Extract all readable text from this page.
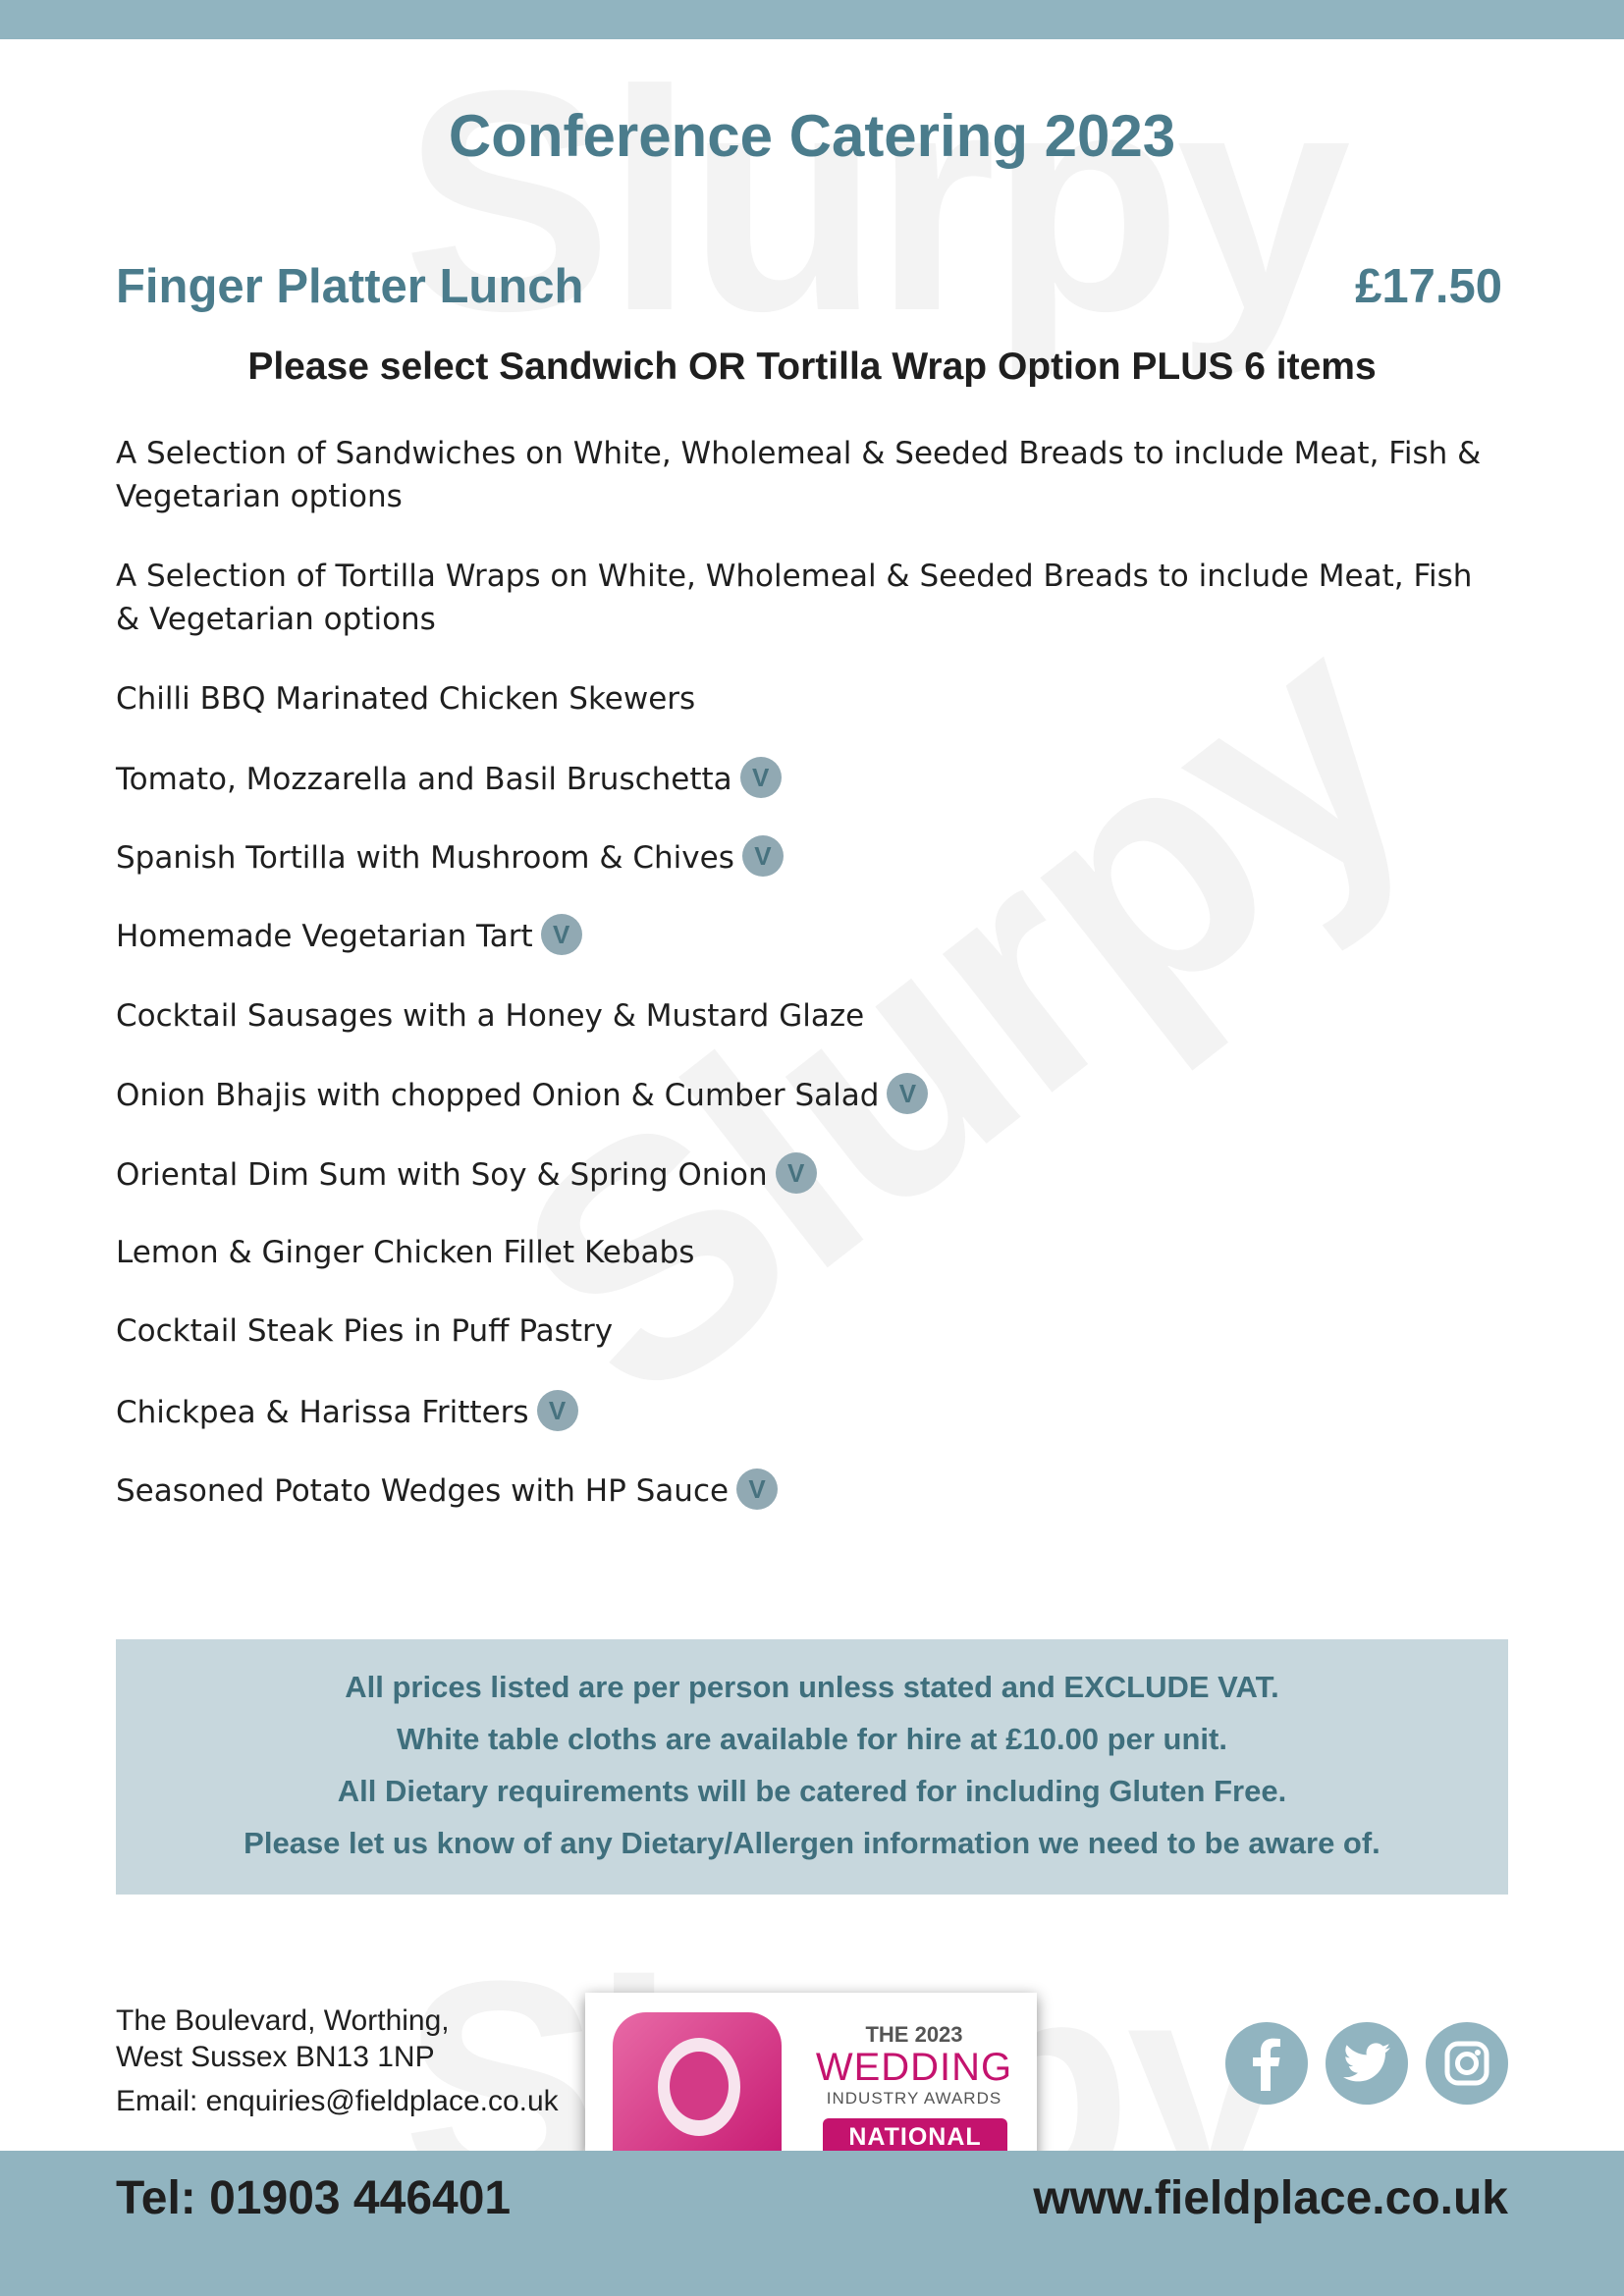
Conference Catering 2023
Finger Platter Lunch	£17.50
Please select Sandwich OR Tortilla Wrap Option PLUS 6 items

A Selection of Sandwiches on White, Wholemeal & Seeded Breads to include Meat, Fish & Vegetarian options

A Selection of Tortilla Wraps on White, Wholemeal & Seeded Breads to include Meat, Fish & Vegetarian options

Chilli BBQ Marinated Chicken Skewers

Tomato, Mozzarella and Basil Bruschetta V

Spanish Tortilla with Mushroom & Chives V

Homemade Vegetarian Tart V

Cocktail Sausages with a Honey & Mustard Glaze

Onion Bhajis with chopped Onion & Cumber Salad V

Oriental Dim Sum with Soy & Spring Onion V

Lemon & Ginger Chicken Fillet Kebabs

Cocktail Steak Pies in Puff Pastry

Chickpea & Harissa Fritters V

Seasoned Potato Wedges with HP Sauce V

All prices listed are per person unless stated and EXCLUDE VAT.

White table cloths are available for hire at £10.00 per unit.

All Dietary requirements will be catered for including Gluten Free.

Please let us know of any Dietary/Allergen information we need to be aware of.

The Boulevard, Worthing,
West Sussex BN13 1NP
Email: enquiries@fieldplace.co.uk
THE 2023
WEDDING
INDUSTRY AWARDS
NATIONAL
Tel: 01903 446401	www.fieldplace.co.uk
